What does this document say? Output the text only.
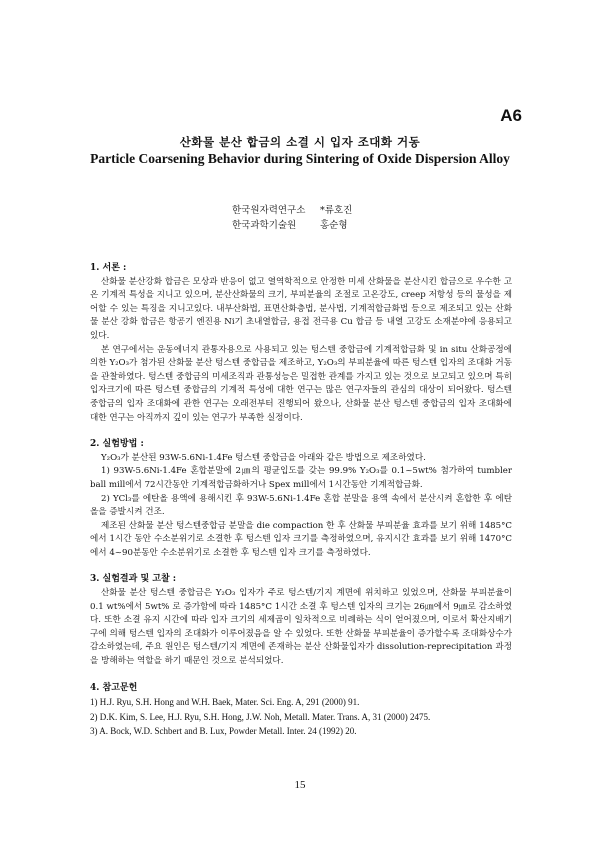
A6
산화물 분산 합금의 소결 시 입자 조대화 거동
Particle Coarsening Behavior during Sintering of Oxide Dispersion Alloy
한국원자력연구소 *류호진
한국과학기술원	홍순형

1. 서론 :

산화물 분산강화 합금은 모상과 반응이 없고 열역학적으로 안정한 미세 산화물을 분산시킨 합금으로 우수한 고온 기계적 특성을 지니고 있으며, 분산산화물의 크기, 부피분율의 조절로 고온강도, creep 저항성 등의 물성을 제어할 수 있는 특징을 지니고있다. 내부산화법, 표면산화층법, 분사법, 기계적합금화법 등으로 제조되고 있는 산화물 분산 강화 합금은 항공기 엔진용 Ni기 초내열합금, 용접 전극용 Cu 합금 등 내열 고강도 소재분야에 응용되고 있다.

본 연구에서는 운동에너지 관통자용으로 사용되고 있는 텅스텐 중합금에 기계적합금화 및 in situ 산화공정에 의한 Y₂O₃가 첨가된 산화물 분산 텅스텐 중합금을 제조하고, Y₂O₃의 부피분율에 따른 텅스텐 입자의 조대화 거동을 관찰하였다. 텅스텐 중합금의 미세조직과 관통성능은 밀접한 관계를 가지고 있는 것으로 보고되고 있으며 특히 입자크기에 따른 텅스텐 중합금의 기계적 특성에 대한 연구는 많은 연구자들의 관심의 대상이 되어왔다. 텅스텐 중합금의 입자 조대화에 관한 연구는 오래전부터 진행되어 왔으나, 산화물 분산 텅스텐 중합금의 입자 조대화에 대한 연구는 아직까지 깊이 있는 연구가 부족한 실정이다.

2. 실험방법 :

Y₂O₃가 분산된 93W-5.6Ni-1.4Fe 텅스텐 중합금을 아래와 같은 방법으로 제조하였다.

1) 93W-5.6Ni-1.4Fe 혼합분말에 2㎛의 평균입도를 갖는 99.9% Y₂O₃를 0.1~5wt% 첨가하여 tumbler ball mill에서 72시간동안 기계적합금화하거나 Spex mill에서 1시간동안 기계적합금화.

2) YCl₃를 에탄올 용액에 용해시킨 후 93W-5.6Ni-1.4Fe 혼합 분말을 용액 속에서 분산시켜 혼합한 후 에탄올을 증발시켜 건조.

제조된 산화물 분산 텅스텐중합금 분말을 die compaction 한 후 산화물 부피분율 효과를 보기 위해 1485°C에서 1시간 동안 수소분위기로 소결한 후 텅스텐 입자 크기를 측정하였으며, 유지시간 효과를 보기 위해 1470°C에서 4~90분동안 수소분위기로 소결한 후 텅스텐 입자 크기를 측정하였다.

3. 실험결과 및 고찰 :

산화물 분산 텅스텐 중합금은 Y₂O₃ 입자가 주로 텅스텐/기지 계면에 위치하고 있었으며, 산화물 부피분율이 0.1 wt%에서 5wt% 로 증가함에 따라 1485°C 1시간 소결 후 텅스텐 입자의 크기는 26㎛에서 9㎛로 감소하였다. 또한 소결 유지 시간에 따라 입자 크기의 세제곱이 일차적으로 비례하는 식이 얻어졌으며, 이로서 확산지배기구에 의해 텅스텐 입자의 조대화가 이루어졌음을 알 수 있었다. 또한 산화물 부피분율이 증가할수록 조대화상수가 감소하였는데, 주요 원인은 텅스텐/기지 계면에 존재하는 분산 산화물입자가 dissolution-reprecipitation 과정을 방해하는 역할을 하기 때문인 것으로 분석되었다.

4. 참고문헌

1) H.J. Ryu, S.H. Hong and W.H. Baek, Mater. Sci. Eng. A, 291 (2000) 91.

2) D.K. Kim, S. Lee, H.J. Ryu, S.H. Hong, J.W. Noh, Metall. Mater. Trans. A, 31 (2000) 2475.

3) A. Bock, W.D. Schbert and B. Lux, Powder Metall. Inter. 24 (1992) 20.

15
